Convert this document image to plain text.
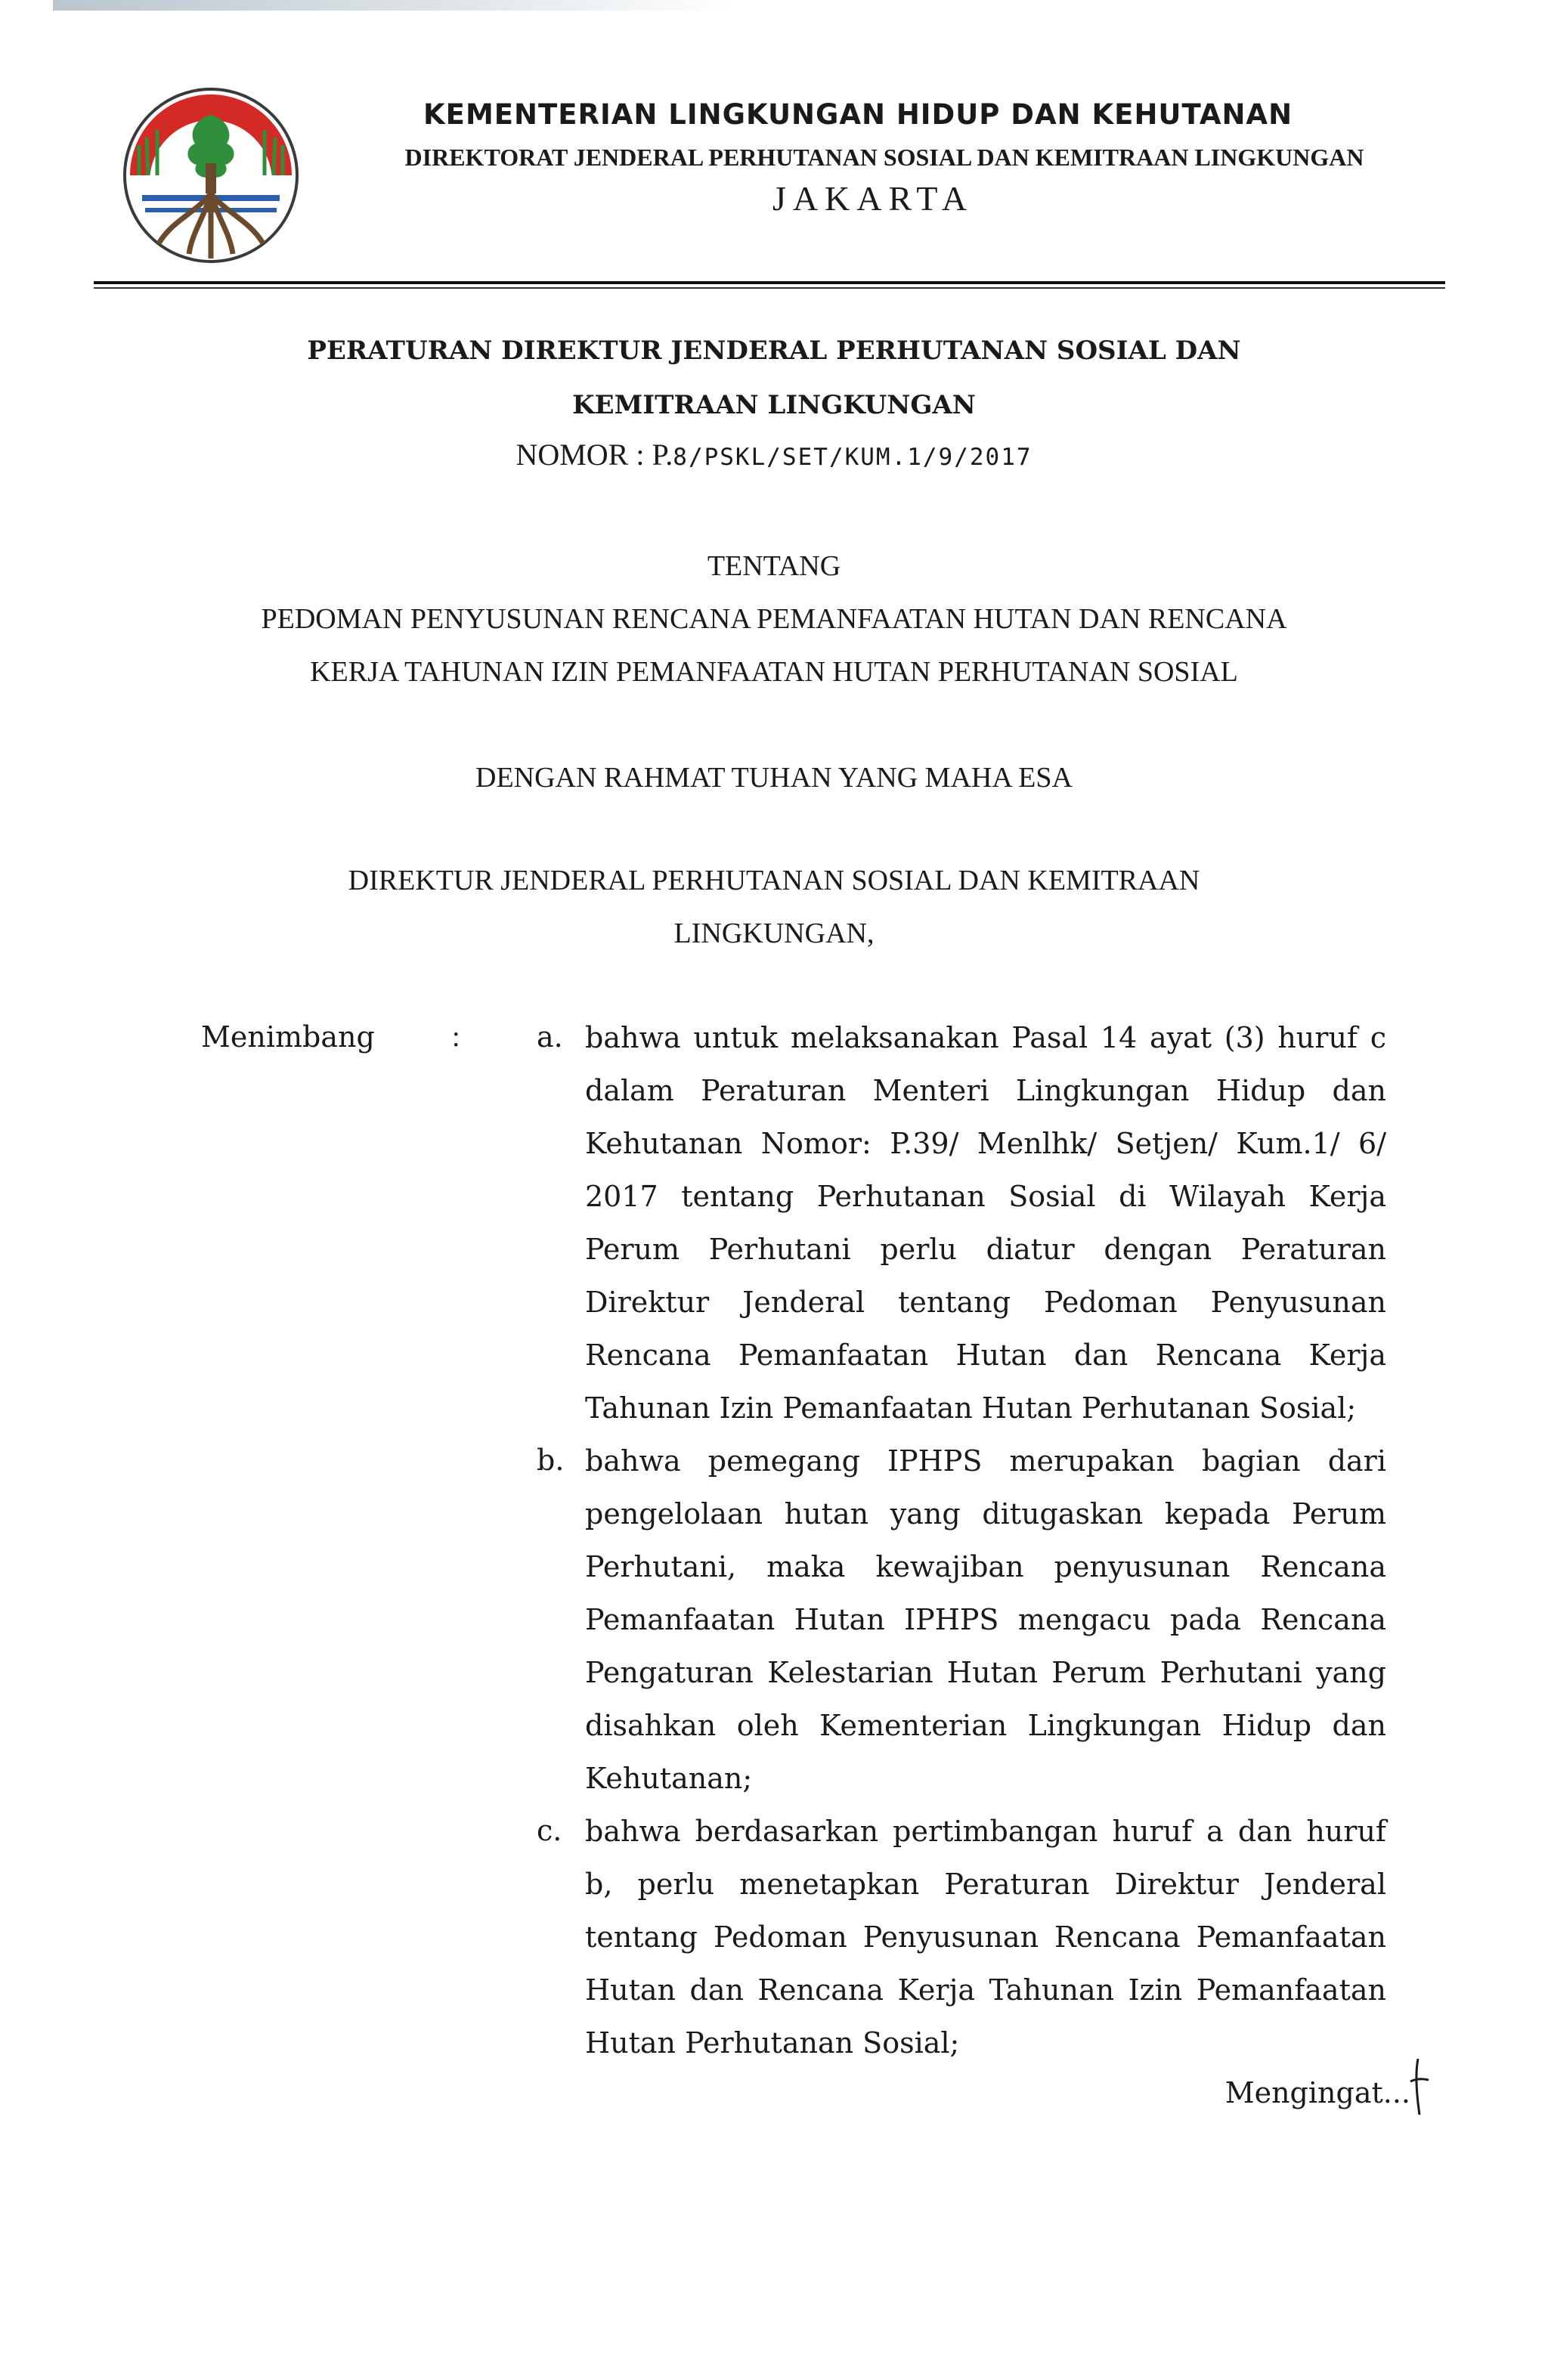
KEMENTERIAN LINGKUNGAN HIDUP DAN KEHUTANAN
DIREKTORAT JENDERAL PERHUTANAN SOSIAL DAN KEMITRAAN LINGKUNGAN
JAKARTA
PERATURAN DIREKTUR JENDERAL PERHUTANAN SOSIAL DAN
KEMITRAAN LINGKUNGAN
NOMOR : P.8/PSKL/SET/KUM.1/9/2017
TENTANG
PEDOMAN PENYUSUNAN RENCANA PEMANFAATAN HUTAN DAN RENCANA
KERJA TAHUNAN IZIN PEMANFAATAN HUTAN PERHUTANAN SOSIAL
DENGAN RAHMAT TUHAN YANG MAHA ESA
DIREKTUR JENDERAL PERHUTANAN SOSIAL DAN KEMITRAAN
LINGKUNGAN,
Menimbang	:	a. bahwa untuk melaksanakan Pasal 14 ayat (3) huruf c dalam Peraturan Menteri Lingkungan Hidup dan Kehutanan Nomor: P.39/ Menlhk/ Setjen/ Kum.1/ 6/ 2017 tentang Perhutanan Sosial di Wilayah Kerja Perum Perhutani perlu diatur dengan Peraturan Direktur Jenderal tentang Pedoman Penyusunan Rencana Pemanfaatan Hutan dan Rencana Kerja Tahunan Izin Pemanfaatan Hutan Perhutanan Sosial;
b. bahwa pemegang IPHPS merupakan bagian dari pengelolaan hutan yang ditugaskan kepada Perum Perhutani, maka kewajiban penyusunan Rencana Pemanfaatan Hutan IPHPS mengacu pada Rencana Pengaturan Kelestarian Hutan Perum Perhutani yang disahkan oleh Kementerian Lingkungan Hidup dan Kehutanan;
c. bahwa berdasarkan pertimbangan huruf a dan huruf b, perlu menetapkan Peraturan Direktur Jenderal tentang Pedoman Penyusunan Rencana Pemanfaatan Hutan dan Rencana Kerja Tahunan Izin Pemanfaatan Hutan Perhutanan Sosial;
Mengingat...
